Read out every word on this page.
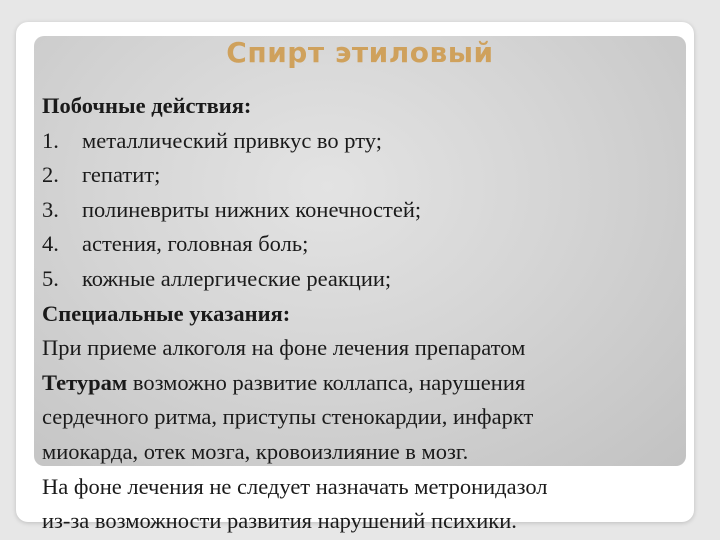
Спирт этиловый
Побочные действия:
1. металлический привкус во рту;
2. гепатит;
3. полиневриты нижних конечностей;
4. астения, головная боль;
5. кожные аллергические реакции;
Специальные указания:
При приеме алкоголя на фоне лечения препаратом
Тетурам возможно развитие коллапса, нарушения
сердечного ритма, приступы стенокардии, инфаркт
миокарда, отек мозга, кровоизлияние в мозг.
На фоне лечения не следует назначать метронидазол
из-за возможности развития нарушений психики.
